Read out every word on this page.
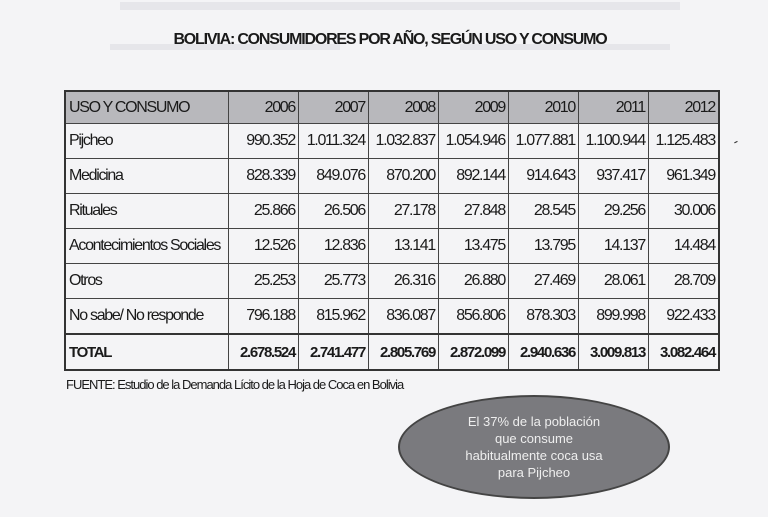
BOLIVIA: CONSUMIDORES POR AÑO, SEGÚN USO Y CONSUMO
USO Y CONSUMO	2006	2007	2008	2009	2010	2011	2012
Pijcheo	990.352	1.011.324	1.032.837	1.054.946	1.077.881	1.100.944	1.125.483
Medicina	828.339	849.076	870.200	892.144	914.643	937.417	961.349
Rituales	25.866	26.506	27.178	27.848	28.545	29.256	30.006
Acontecimientos Sociales	12.526	12.836	13.141	13.475	13.795	14.137	14.484
Otros	25.253	25.773	26.316	26.880	27.469	28.061	28.709
No sabe/ No responde	796.188	815.962	836.087	856.806	878.303	899.998	922.433
TOTAL	2.678.524	2.741.477	2.805.769	2.872.099	2.940.636	3.009.813	3.082.464
FUENTE: Estudio de la Demanda Lícito de la Hoja de Coca en Bolivia
El 37% de la población
que consume
habitualmente coca usa
para Pijcheo
-
